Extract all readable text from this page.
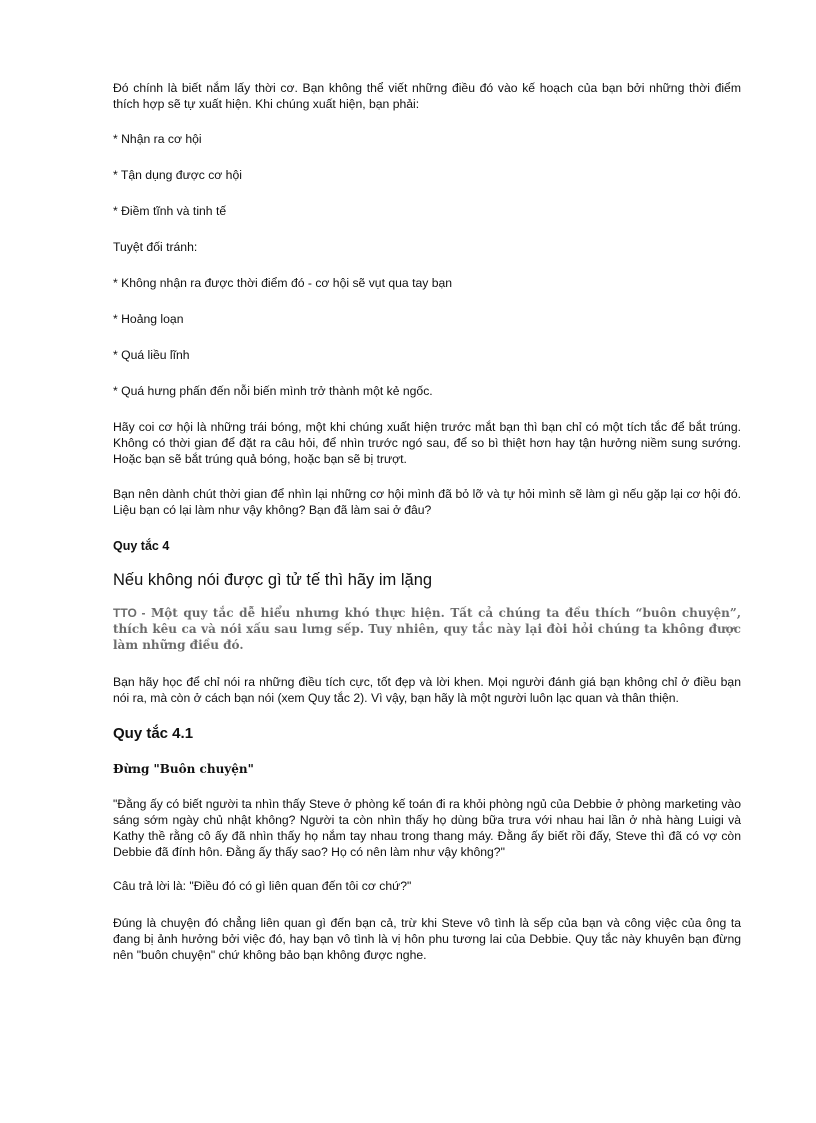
Đó chính là biết nắm lấy thời cơ. Bạn không thể viết những điều đó vào kế hoạch của bạn bởi những thời điểm thích hợp sẽ tự xuất hiện. Khi chúng xuất hiện, bạn phải:

* Nhận ra cơ hội

* Tận dụng được cơ hội

* Điềm tĩnh và tinh tế

Tuyệt đối tránh:

* Không nhận ra được thời điểm đó - cơ hội sẽ vụt qua tay bạn

* Hoảng loạn

* Quá liều lĩnh

* Quá hưng phấn đến nỗi biến mình trở thành một kẻ ngốc.

Hãy coi cơ hội là những trái bóng, một khi chúng xuất hiện trước mắt bạn thì bạn chỉ có một tích tắc để bắt trúng. Không có thời gian để đặt ra câu hỏi, để nhìn trước ngó sau, để so bì thiệt hơn hay tận hưởng niềm sung sướng. Hoặc bạn sẽ bắt trúng quả bóng, hoặc bạn sẽ bị trượt.

Bạn nên dành chút thời gian để nhìn lại những cơ hội mình đã bỏ lỡ và tự hỏi mình sẽ làm gì nếu gặp lại cơ hội đó. Liệu bạn có lại làm như vậy không? Bạn đã làm sai ở đâu?

Quy tắc 4

Nếu không nói được gì tử tế thì hãy im lặng

TTO - Một quy tắc dễ hiểu nhưng khó thực hiện. Tất cả chúng ta đều thích “buôn chuyện”, thích kêu ca và nói xấu sau lưng sếp. Tuy nhiên, quy tắc này lại đòi hỏi chúng ta không được làm những điều đó.

Bạn hãy học để chỉ nói ra những điều tích cực, tốt đẹp và lời khen. Mọi người đánh giá bạn không chỉ ở điều bạn nói ra, mà còn ở cách bạn nói (xem Quy tắc 2). Vì vậy, bạn hãy là một người luôn lạc quan và thân thiện.

Quy tắc 4.1

Đừng "Buôn chuyện"

"Đằng ấy có biết người ta nhìn thấy Steve ở phòng kế toán đi ra khỏi phòng ngủ của Debbie ở phòng marketing vào sáng sớm ngày chủ nhật không? Người ta còn nhìn thấy họ dùng bữa trưa với nhau hai lần ở nhà hàng Luigi và Kathy thề rằng cô ấy đã nhìn thấy họ nắm tay nhau trong thang máy. Đằng ấy biết rồi đấy, Steve thì đã có vợ còn Debbie đã đính hôn. Đằng ấy thấy sao? Họ có nên làm như vậy không?"

Câu trả lời là: "Điều đó có gì liên quan đến tôi cơ chứ?"

Đúng là chuyện đó chẳng liên quan gì đến bạn cả, trừ khi Steve vô tình là sếp của bạn và công việc của ông ta đang bị ảnh hưởng bởi việc đó, hay bạn vô tình là vị hôn phu tương lai của Debbie. Quy tắc này khuyên bạn đừng nên "buôn chuyện" chứ không bảo bạn không được nghe.
